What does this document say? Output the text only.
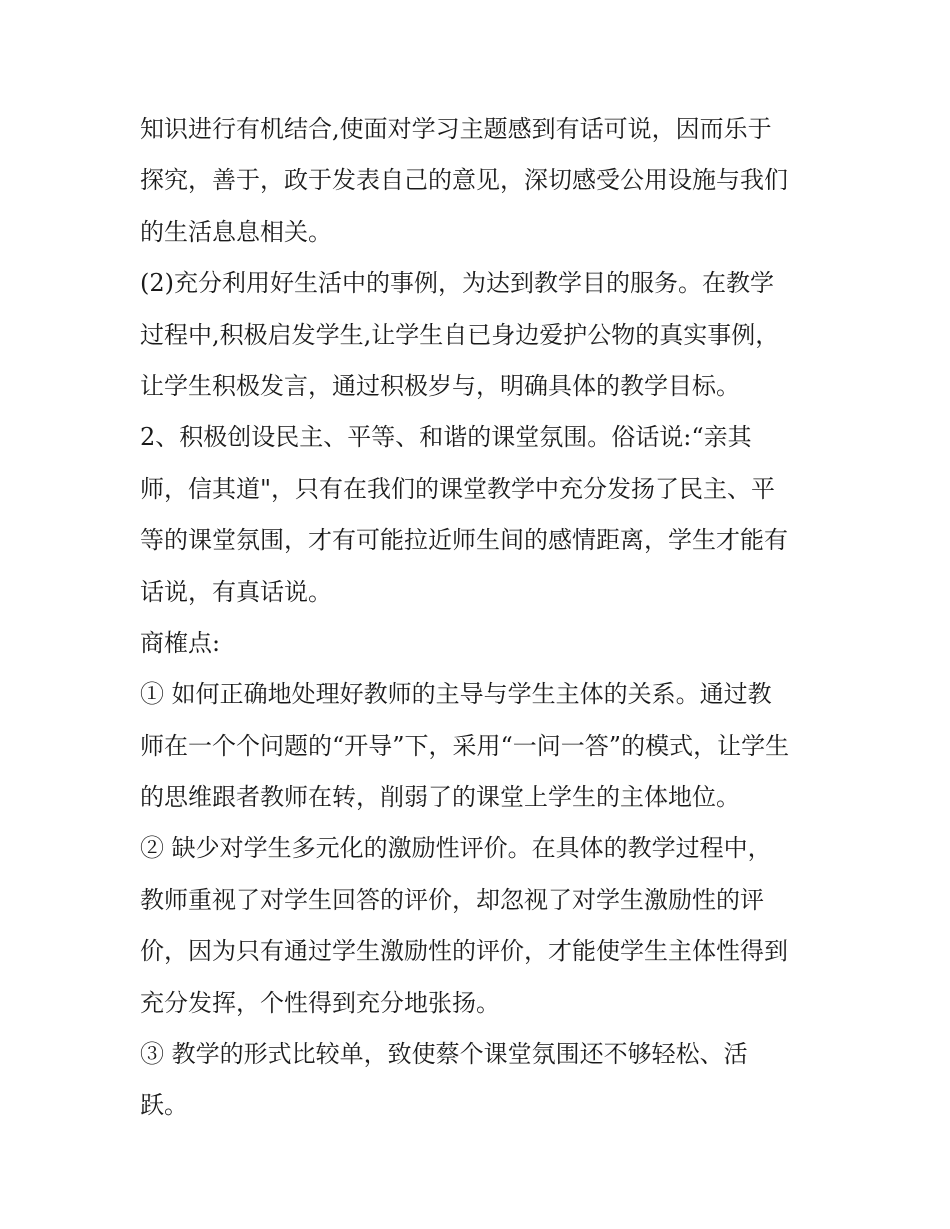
知识进行有机结合,使面对学习主题感到有话可说，因而乐于
探究，善于，政于发表自己的意见，深切感受公用设施与我们
的生活息息相关。
(2)充分利用好生活中的事例，为达到教学目的服务。在教学
过程中,积极启发学生,让学生自已身边爱护公物的真实事例，
让学生积极发言，通过积极岁与，明确具体的教学目标。
2、积极创设民主、平等、和谐的课堂氛围。俗话说:“亲其
师，信其道"，只有在我们的课堂教学中充分发扬了民主、平
等的课堂氛围，才有可能拉近师生间的感情距离，学生才能有
话说，有真话说。
商榷点:
① 如何正确地处理好教师的主导与学生主体的关系。通过教
师在一个个问题的“开导”下，采用“一问一答”的模式，让学生
的思维跟者教师在转，削弱了的课堂上学生的主体地位。
② 缺少对学生多元化的激励性评价。在具体的教学过程中，
教师重视了对学生回答的评价，却忽视了对学生激励性的评
价，因为只有通过学生激励性的评价，才能使学生主体性得到
充分发挥，个性得到充分地张扬。
③ 教学的形式比较单，致使蔡个课堂氛围还不够轻松、活
跃。
